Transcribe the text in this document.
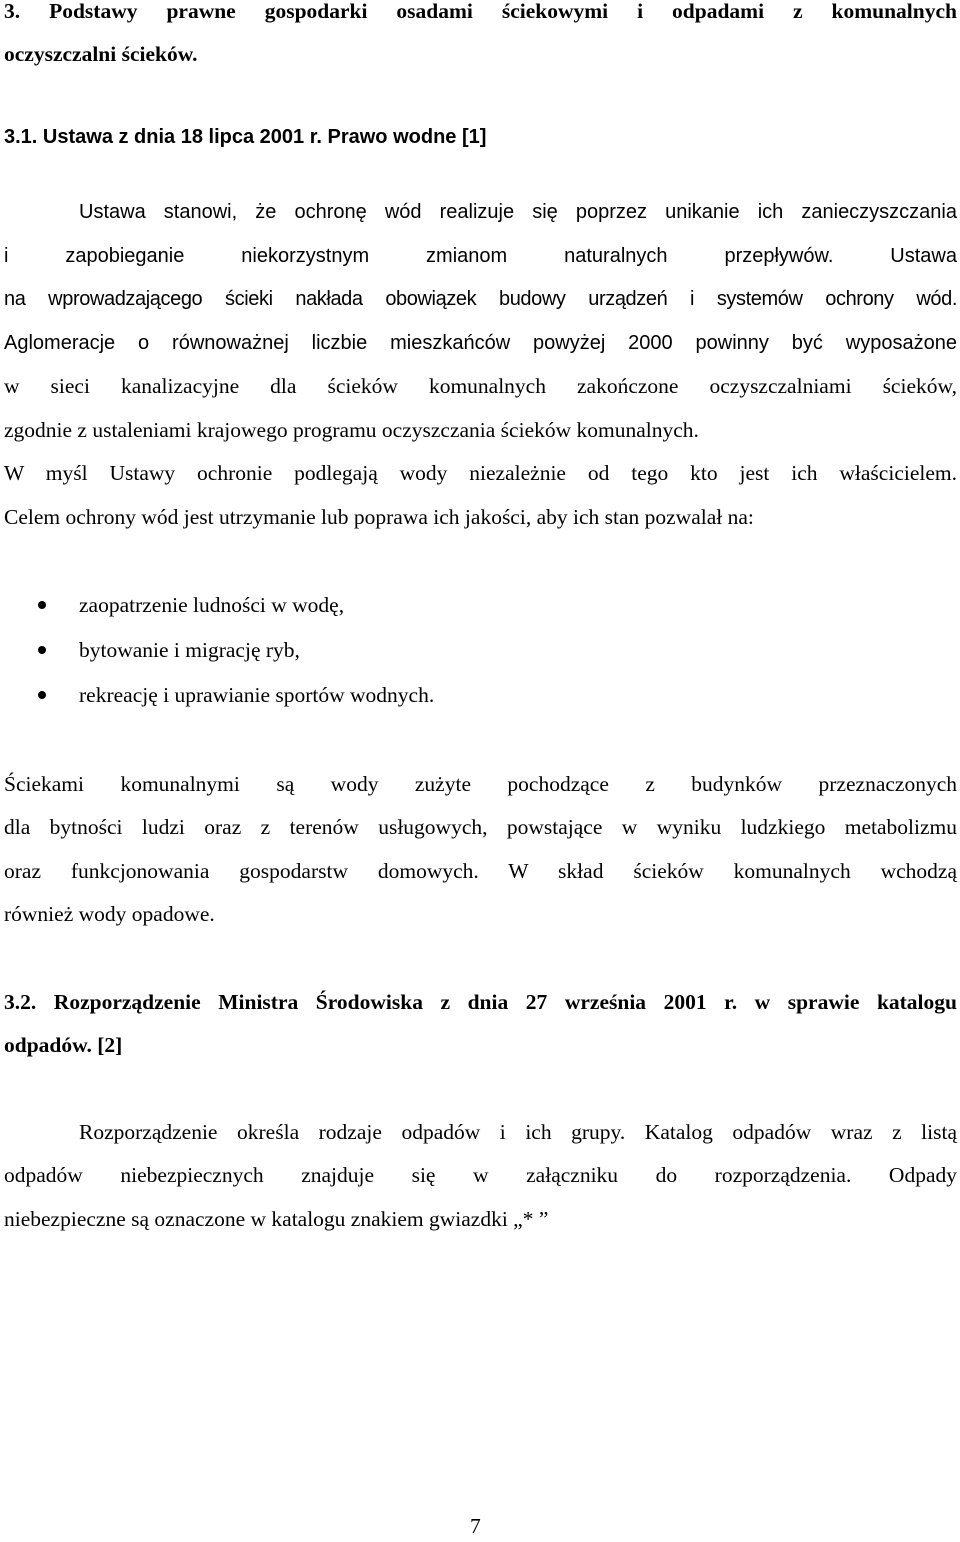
3. Podstawy prawne gospodarki osadami ściekowymi i odpadami z komunalnych
oczyszczalni ścieków.
3.1. Ustawa z dnia 18 lipca 2001 r. Prawo wodne [1]
Ustawa stanowi, że ochronę wód realizuje się poprzez unikanie ich zanieczyszczania
i zapobieganie niekorzystnym zmianom naturalnych przepływów. Ustawa
na wprowadzającego ścieki nakłada obowiązek budowy urządzeń i systemów ochrony wód.
Aglomeracje o równoważnej liczbie mieszkańców powyżej 2000 powinny być wyposażone
w sieci kanalizacyjne dla ścieków komunalnych zakończone oczyszczalniami ścieków,
zgodnie z ustaleniami krajowego programu oczyszczania ścieków komunalnych.
W myśl Ustawy ochronie podlegają wody niezależnie od tego kto jest ich właścicielem.
Celem ochrony wód jest utrzymanie lub poprawa ich jakości, aby ich stan pozwalał na:
zaopatrzenie ludności w wodę,
bytowanie i migrację ryb,
rekreację i uprawianie sportów wodnych.
Ściekami komunalnymi są wody zużyte pochodzące z budynków przeznaczonych
dla bytności ludzi oraz z terenów usługowych, powstające w wyniku ludzkiego metabolizmu
oraz funkcjonowania gospodarstw domowych. W skład ścieków komunalnych wchodzą
również wody opadowe.
3.2. Rozporządzenie Ministra Środowiska z dnia 27 września 2001 r. w sprawie katalogu
odpadów. [2]
Rozporządzenie określa rodzaje odpadów i ich grupy. Katalog odpadów wraz z listą
odpadów niebezpiecznych znajduje się w załączniku do rozporządzenia. Odpady
niebezpieczne są oznaczone w katalogu znakiem gwiazdki „* ”
7
